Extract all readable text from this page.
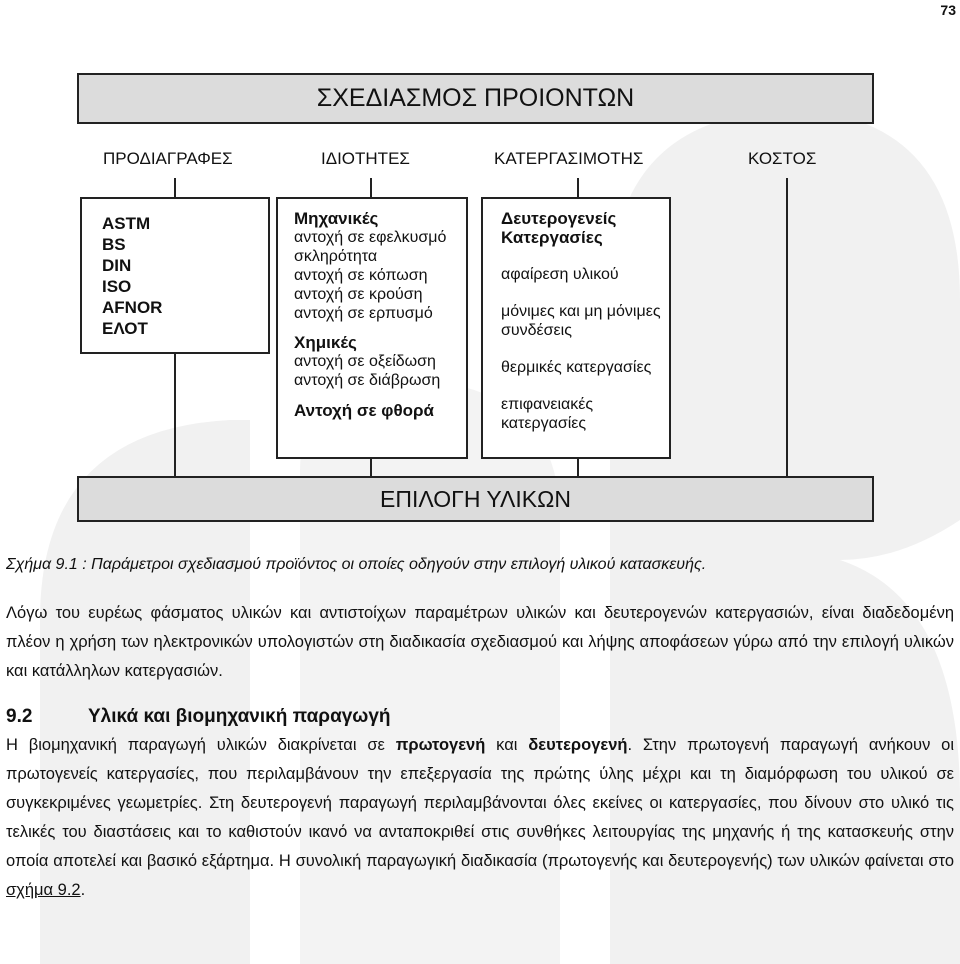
73
ΣΧΕΔΙΑΣΜΟΣ ΠΡΟΙΟΝΤΩΝ
ΠΡΟΔΙΑΓΡΑΦΕΣ	ΙΔΙΟΤΗΤΕΣ	ΚΑΤΕΡΓΑΣΙΜΟΤΗΣ	ΚΟΣΤΟΣ
ASTM
BS
DIN
ISO
AFNOR
ΕΛΟΤ
Μηχανικές
αντοχή σε εφελκυσμό
σκληρότητα
αντοχή σε κόπωση
αντοχή σε κρούση
αντοχή σε ερπυσμό
Χημικές
αντοχή σε οξείδωση
αντοχή σε διάβρωση
Αντοχή σε φθορά
Δευτερογενείς
Κατεργασίες
αφαίρεση υλικού
μόνιμες και μη μόνιμες
συνδέσεις
θερμικές κατεργασίες
επιφανειακές
κατεργασίες
ΕΠΙΛΟΓΗ ΥΛΙΚΩΝ
Σχήμα 9.1 : Παράμετροι σχεδιασμού προϊόντος οι οποίες οδηγούν στην επιλογή υλικού κατασκευής.
Λόγω του ευρέως φάσματος υλικών και αντιστοίχων παραμέτρων υλικών και δευτερογενών κατεργασιών, είναι διαδεδομένη πλέον η χρήση των ηλεκτρονικών υπολογιστών στη διαδικασία σχεδιασμού και λήψης αποφάσεων γύρω από την επιλογή υλικών και κατάλληλων κατεργασιών.
9.2	Υλικά και βιομηχανική παραγωγή
Η βιομηχανική παραγωγή υλικών διακρίνεται σε πρωτογενή και δευτερογενή. Στην πρωτογενή παραγωγή ανήκουν οι πρωτογενείς κατεργασίες, που περιλαμβάνουν την επεξεργασία της πρώτης ύλης μέχρι και τη διαμόρφωση του υλικού σε συγκεκριμένες γεωμετρίες. Στη δευτερογενή παραγωγή περιλαμβάνονται όλες εκείνες οι κατεργασίες, που δίνουν στο υλικό τις τελικές του διαστάσεις και το καθιστούν ικανό να ανταποκριθεί στις συνθήκες λειτουργίας της μηχανής ή της κατασκευής στην οποία αποτελεί και βασικό εξάρτημα. Η συνολική παραγωγική διαδικασία (πρωτογενής και δευτερογενής) των υλικών φαίνεται στο σχήμα 9.2.
